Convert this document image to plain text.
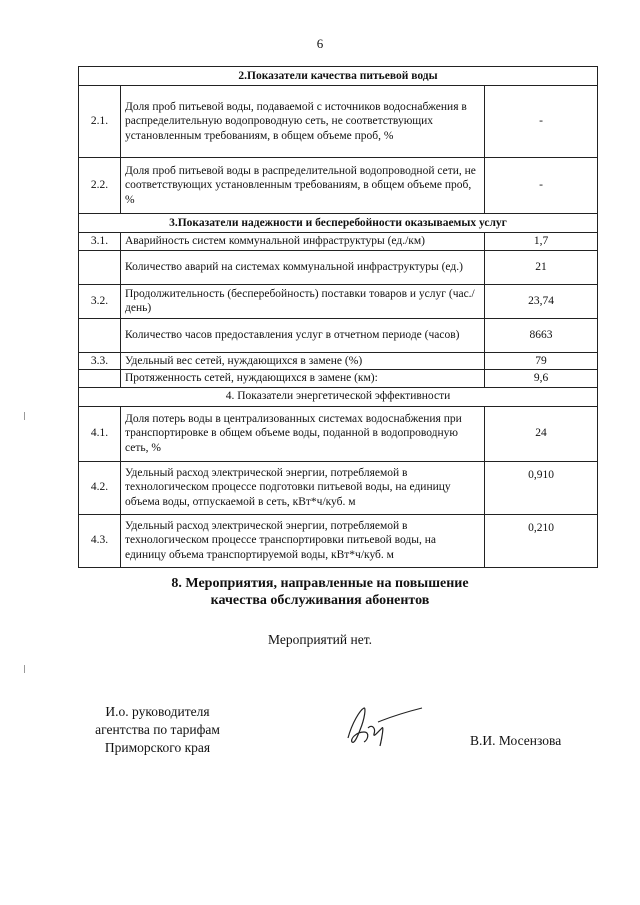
6
2.Показатели качества питьевой воды		
2.1.	Доля проб питьевой воды, подаваемой с источников водоснабжения в распределительную водопроводную сеть, не соответствующих установленным требованиям, в общем объеме проб, %	-
2.2.	Доля проб питьевой воды в распределительной водопроводной сети, не соответствующих установленным требованиям, в общем объеме проб, %	-
3.Показатели надежности и бесперебойности оказываемых услуг		
3.1.	Аварийность систем коммунальной инфраструктуры (ед./км)	1,7
	Количество аварий на системах коммунальной инфраструктуры (ед.)	21
3.2.	Продолжительность (бесперебойность) поставки товаров и услуг (час./день)	23,74
	Количество часов предоставления услуг в отчетном периоде (часов)	8663
3.3.	Удельный вес сетей, нуждающихся в замене (%)	79
	Протяженность сетей, нуждающихся в замене (км):	9,6
4. Показатели энергетической эффективности		
4.1.	Доля потерь воды в централизованных системах водоснабжения при транспортировке в общем объеме воды, поданной в водопроводную сеть, %	24
4.2.	Удельный расход электрической энергии, потребляемой в технологическом процессе подготовки питьевой воды, на единицу объема воды, отпускаемой в сеть, кВт*ч/куб. м	0,910
4.3.	Удельный расход электрической энергии, потребляемой в технологическом процессе транспортировки питьевой воды, на единицу объема транспортируемой воды, кВт*ч/куб. м	0,210
8. Мероприятия, направленные на повышение качества обслуживания абонентов
Мероприятий нет.
И.о. руководителя
агентства по тарифам
Приморского края	В.И. Мосензова
